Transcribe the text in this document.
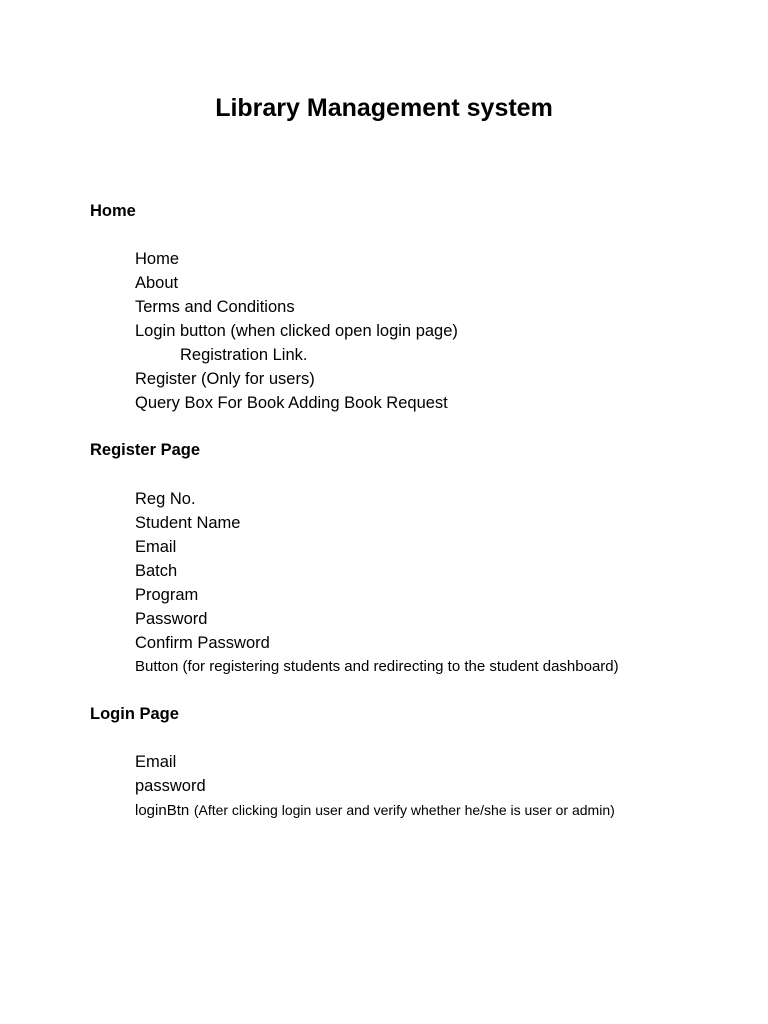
Library Management system
Home
Home
About
Terms and Conditions
Login button (when clicked open login page)
Registration Link.
Register (Only for users)
Query Box For Book Adding Book Request
Register Page
Reg No.
Student Name
Email
Batch
Program
Password
Confirm Password
Button (for registering students and redirecting to the student dashboard)
Login Page
Email
password
loginBtn (After clicking login user and verify whether he/she is user or admin)
